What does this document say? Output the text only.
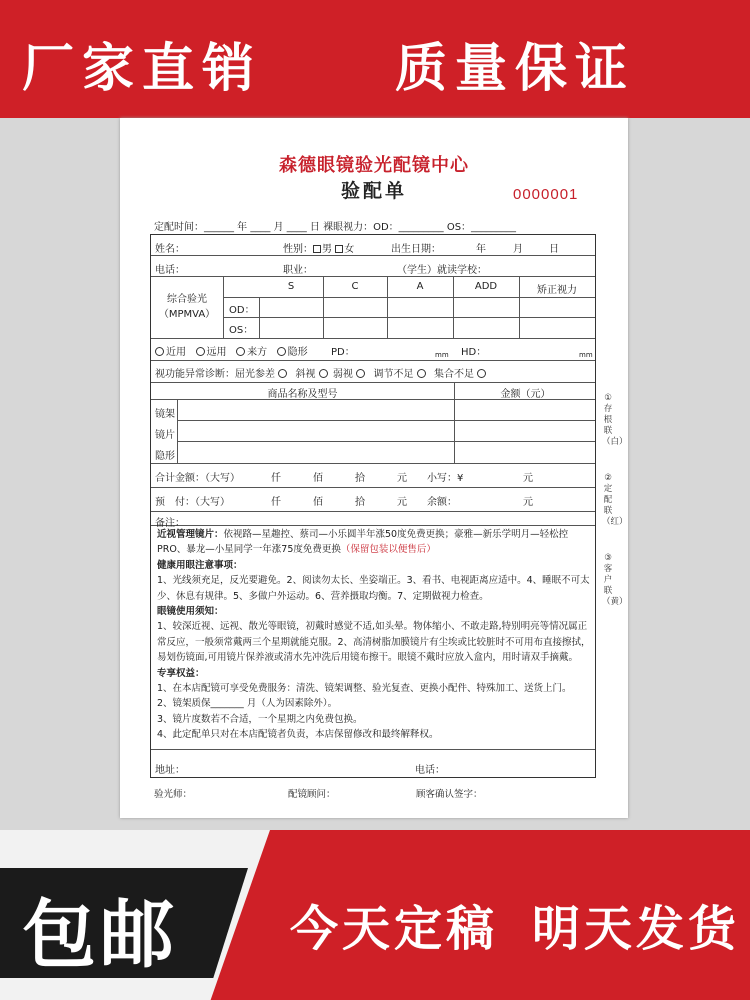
厂家直销	质量保证
森德眼镜验光配镜中心
验配单	0000001
定配时间：______ 年 ____ 月 ____ 日 裸眼视力：OD：_________ OS：_________
姓名：	性别： 男 女	出生日期：	年	月	日
电话：	职业：	（学生）就读学校：
综合验光
（MPMVA）
S	C	A	ADD	矫正视力
OD：
OS：
近用 远用 来方 隐形 PD：	mm HD：	mm
视功能异常诊断：屈光参差 斜视 弱视 调节不足 集合不足
商品名称及型号	金额（元）
镜架
镜片
隐形
合计金额：（大写）	仟	佰	拾	元 小写：¥	元
预　付：（大写）	仟	佰	拾	元 余额：	元
备注：

近视管理镜片：依视路—星趣控、蔡司—小乐圆半年涨50度免费更换；豪雅—新乐学明月—轻松控PRO、暴龙—小星同学一年涨75度免费更换（保留包装以便售后）

健康用眼注意事项：

1、光线须充足，反光要避免。2、阅读勿太长、坐姿端正。3、看书、电视距离应适中。4、睡眠不可太少、休息有规律。5、多做户外运动。6、营养摄取均衡。7、定期做视力检查。

眼镜使用须知：

1、较深近视、远视、散光等眼镜，初戴时感觉不适,如头晕。物体缩小、不敢走路,特别明亮等情况属正常反应，一般须常戴两三个星期就能克服。2、高清树脂加膜镜片有尘埃或比较脏时不可用布直接擦拭，易划伤镜面,可用镜片保养液或清水先冲洗后用镜布擦干。眼镜不戴时应放入盒内，用时请双手摘戴。

专享权益：

1、在本店配镜可享受免费服务：清洗、镜架调整、验光复查、更换小配件、特殊加工、送货上门。

2、镜架质保_______ 月（人为因素除外）。

3、镜片度数若不合适，一个星期之内免费包换。

4、此定配单只对在本店配镜者负责，本店保留修改和最终解释权。

地址：	电话：
①存根联（白）
②定配联（红）
③客户联（黄）
验光师：	配镜顾问：	顾客确认签字：
包邮 今天定稿 明天发货
